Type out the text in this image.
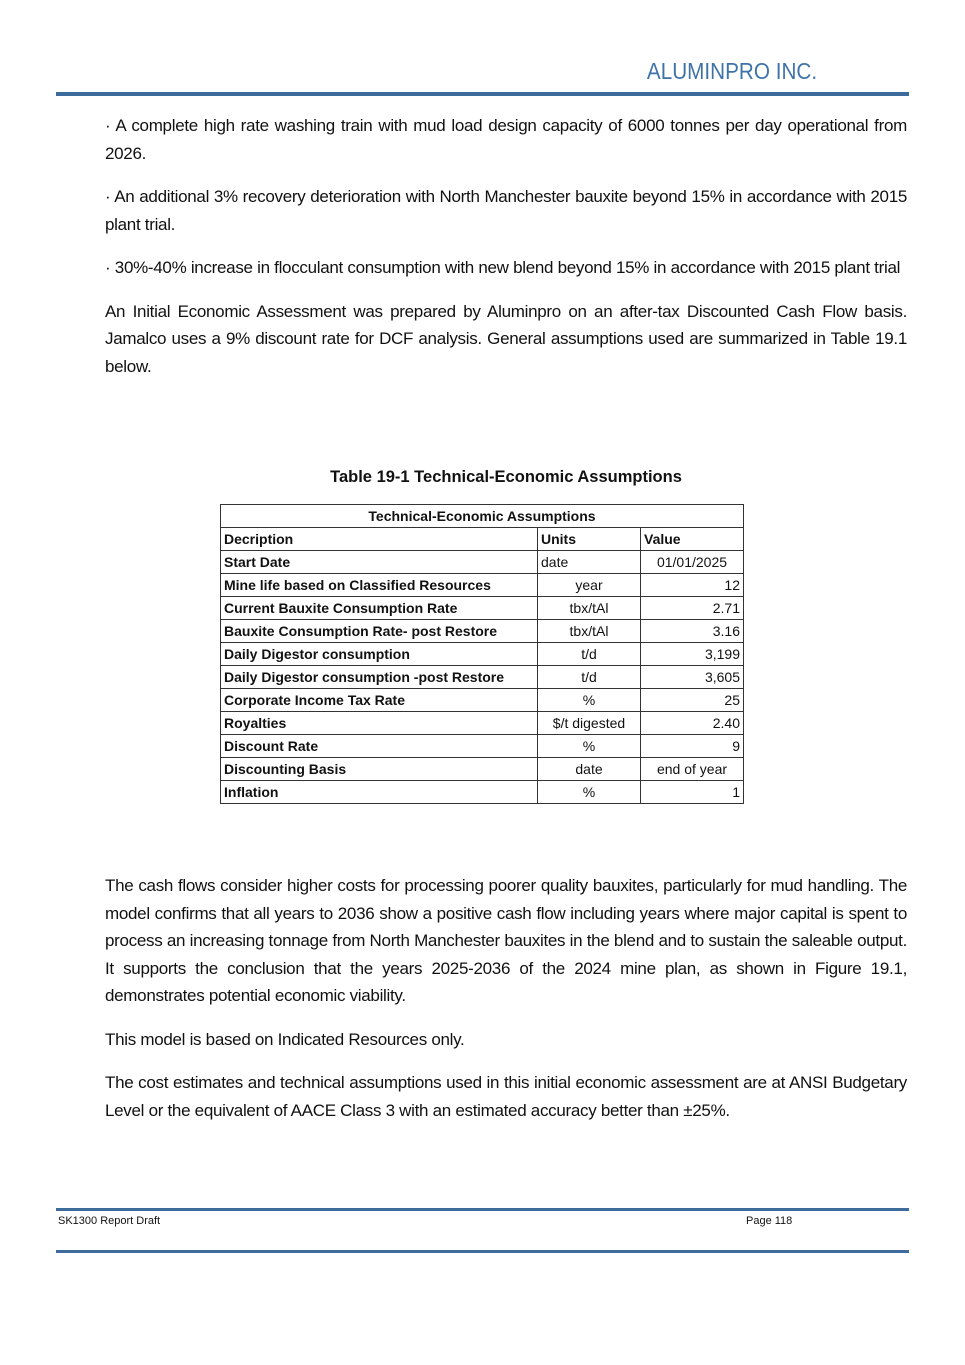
ALUMINPRO INC.

· A complete high rate washing train with mud load design capacity of 6000 tonnes per day operational from 2026.

· An additional 3% recovery deterioration with North Manchester bauxite beyond 15% in accordance with 2015 plant trial.

· 30%-40% increase in flocculant consumption with new blend beyond 15% in accordance with 2015 plant trial

An Initial Economic Assessment was prepared by Aluminpro on an after-tax Discounted Cash Flow basis. Jamalco uses a 9% discount rate for DCF analysis. General assumptions used are summarized in Table 19.1 below.

Table 19-1 Technical-Economic Assumptions
Technical-Economic Assumptions		
Decription	Units	Value
Start Date	date	01/01/2025
Mine life based on Classified Resources	year	12
Current Bauxite Consumption Rate	tbx/tAl	2.71
Bauxite Consumption Rate- post Restore	tbx/tAl	3.16
Daily Digestor consumption	t/d	3,199
Daily Digestor consumption -post Restore	t/d	3,605
Corporate Income Tax Rate	%	25
Royalties	$/t digested	2.40
Discount Rate	%	9
Discounting Basis	date	end of year
Inflation	%	1

The cash flows consider higher costs for processing poorer quality bauxites, particularly for mud handling. The model confirms that all years to 2036 show a positive cash flow including years where major capital is spent to process an increasing tonnage from North Manchester bauxites in the blend and to sustain the saleable output. It supports the conclusion that the years 2025-2036 of the 2024 mine plan, as shown in Figure 19.1, demonstrates potential economic viability.

This model is based on Indicated Resources only.

The cost estimates and technical assumptions used in this initial economic assessment are at ANSI Budgetary Level or the equivalent of AACE Class 3 with an estimated accuracy better than ±25%.

SK1300 Report Draft	Page 118
